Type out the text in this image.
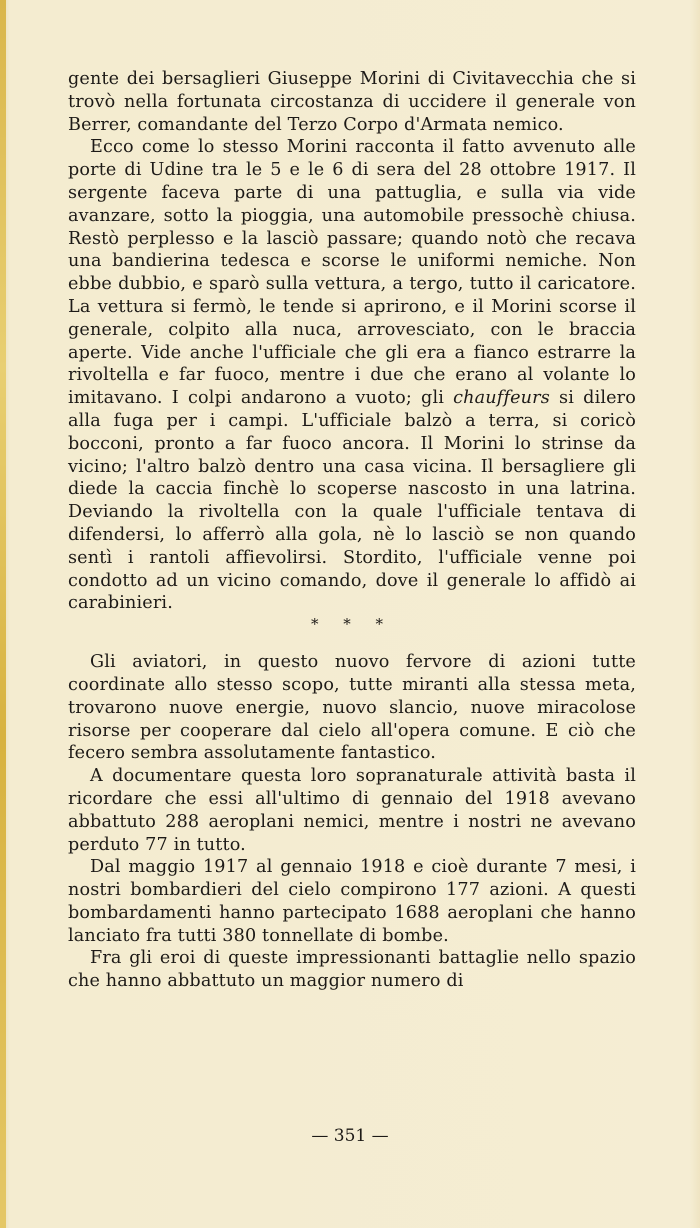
gente dei bersaglieri Giuseppe Morini di Civitavecchia che si trovò nella fortunata circostanza di uccidere il generale von Berrer, comandante del Terzo Corpo d'Armata nemico.

Ecco come lo stesso Morini racconta il fatto avvenuto alle porte di Udine tra le 5 e le 6 di sera del 28 ottobre 1917. Il sergente faceva parte di una pattuglia, e sulla via vide avanzare, sotto la pioggia, una automobile pressochè chiusa. Restò perplesso e la lasciò passare; quando notò che recava una bandierina tedesca e scorse le uniformi nemiche. Non ebbe dubbio, e sparò sulla vettura, a tergo, tutto il caricatore. La vettura si fermò, le tende si aprirono, e il Morini scorse il generale, colpito alla nuca, arrovesciato, con le braccia aperte. Vide anche l'ufficiale che gli era a fianco estrarre la rivoltella e far fuoco, mentre i due che erano al volante lo imitavano. I colpi andarono a vuoto; gli chauffeurs si dilero alla fuga per i campi. L'ufficiale balzò a terra, si coricò bocconi, pronto a far fuoco ancora. Il Morini lo strinse da vicino; l'altro balzò dentro una casa vicina. Il bersagliere gli diede la caccia finchè lo scoperse nascosto in una latrina. Deviando la rivoltella con la quale l'ufficiale tentava di difendersi, lo afferrò alla gola, nè lo lasciò se non quando sentì i rantoli affievolirsi. Stordito, l'ufficiale venne poi condotto ad un vicino comando, dove il generale lo affidò ai carabinieri.

* * *

Gli aviatori, in questo nuovo fervore di azioni tutte coordinate allo stesso scopo, tutte miranti alla stessa meta, trovarono nuove energie, nuovo slancio, nuove miracolose risorse per cooperare dal cielo all'opera comune. E ciò che fecero sembra assolutamente fantastico.

A documentare questa loro sopranaturale attività basta il ricordare che essi all'ultimo di gennaio del 1918 avevano abbattuto 288 aeroplani nemici, mentre i nostri ne avevano perduto 77 in tutto.

Dal maggio 1917 al gennaio 1918 e cioè durante 7 mesi, i nostri bombardieri del cielo compirono 177 azioni. A questi bombardamenti hanno partecipato 1688 aeroplani che hanno lanciato fra tutti 380 tonnellate di bombe.

Fra gli eroi di queste impressionanti battaglie nello spazio che hanno abbattuto un maggior numero di

— 351 —
